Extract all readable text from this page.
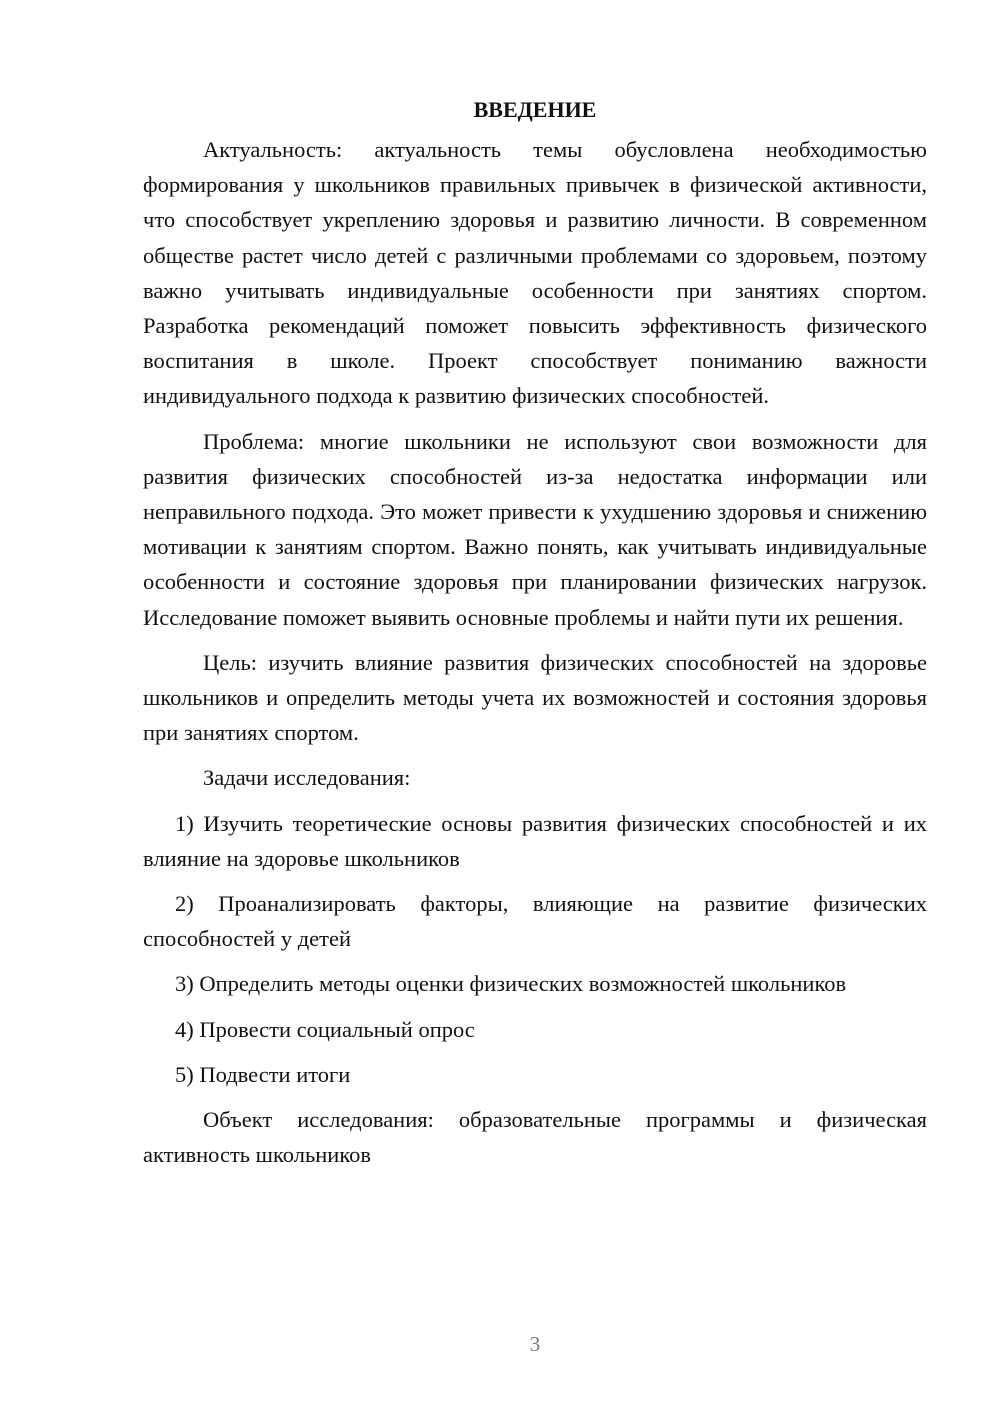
ВВЕДЕНИЕ

Актуальность: актуальность темы обусловлена необходимостью формирования у школьников правильных привычек в физической активности, что способствует укреплению здоровья и развитию личности. В современном обществе растет число детей с различными проблемами со здоровьем, поэтому важно учитывать индивидуальные особенности при занятиях спортом. Разработка рекомендаций поможет повысить эффективность физического воспитания в школе. Проект способствует пониманию важности индивидуального подхода к развитию физических способностей.

Проблема: многие школьники не используют свои возможности для развития физических способностей из-за недостатка информации или неправильного подхода. Это может привести к ухудшению здоровья и снижению мотивации к занятиям спортом. Важно понять, как учитывать индивидуальные особенности и состояние здоровья при планировании физических нагрузок. Исследование поможет выявить основные проблемы и найти пути их решения.

Цель: изучить влияние развития физических способностей на здоровье школьников и определить методы учета их возможностей и состояния здоровья при занятиях спортом.

Задачи исследования:

1) Изучить теоретические основы развития физических способностей и их влияние на здоровье школьников

2) Проанализировать факторы, влияющие на развитие физических способностей у детей

3) Определить методы оценки физических возможностей школьников

4) Провести социальный опрос

5) Подвести итоги

Объект исследования: образовательные программы и физическая активность школьников

3
